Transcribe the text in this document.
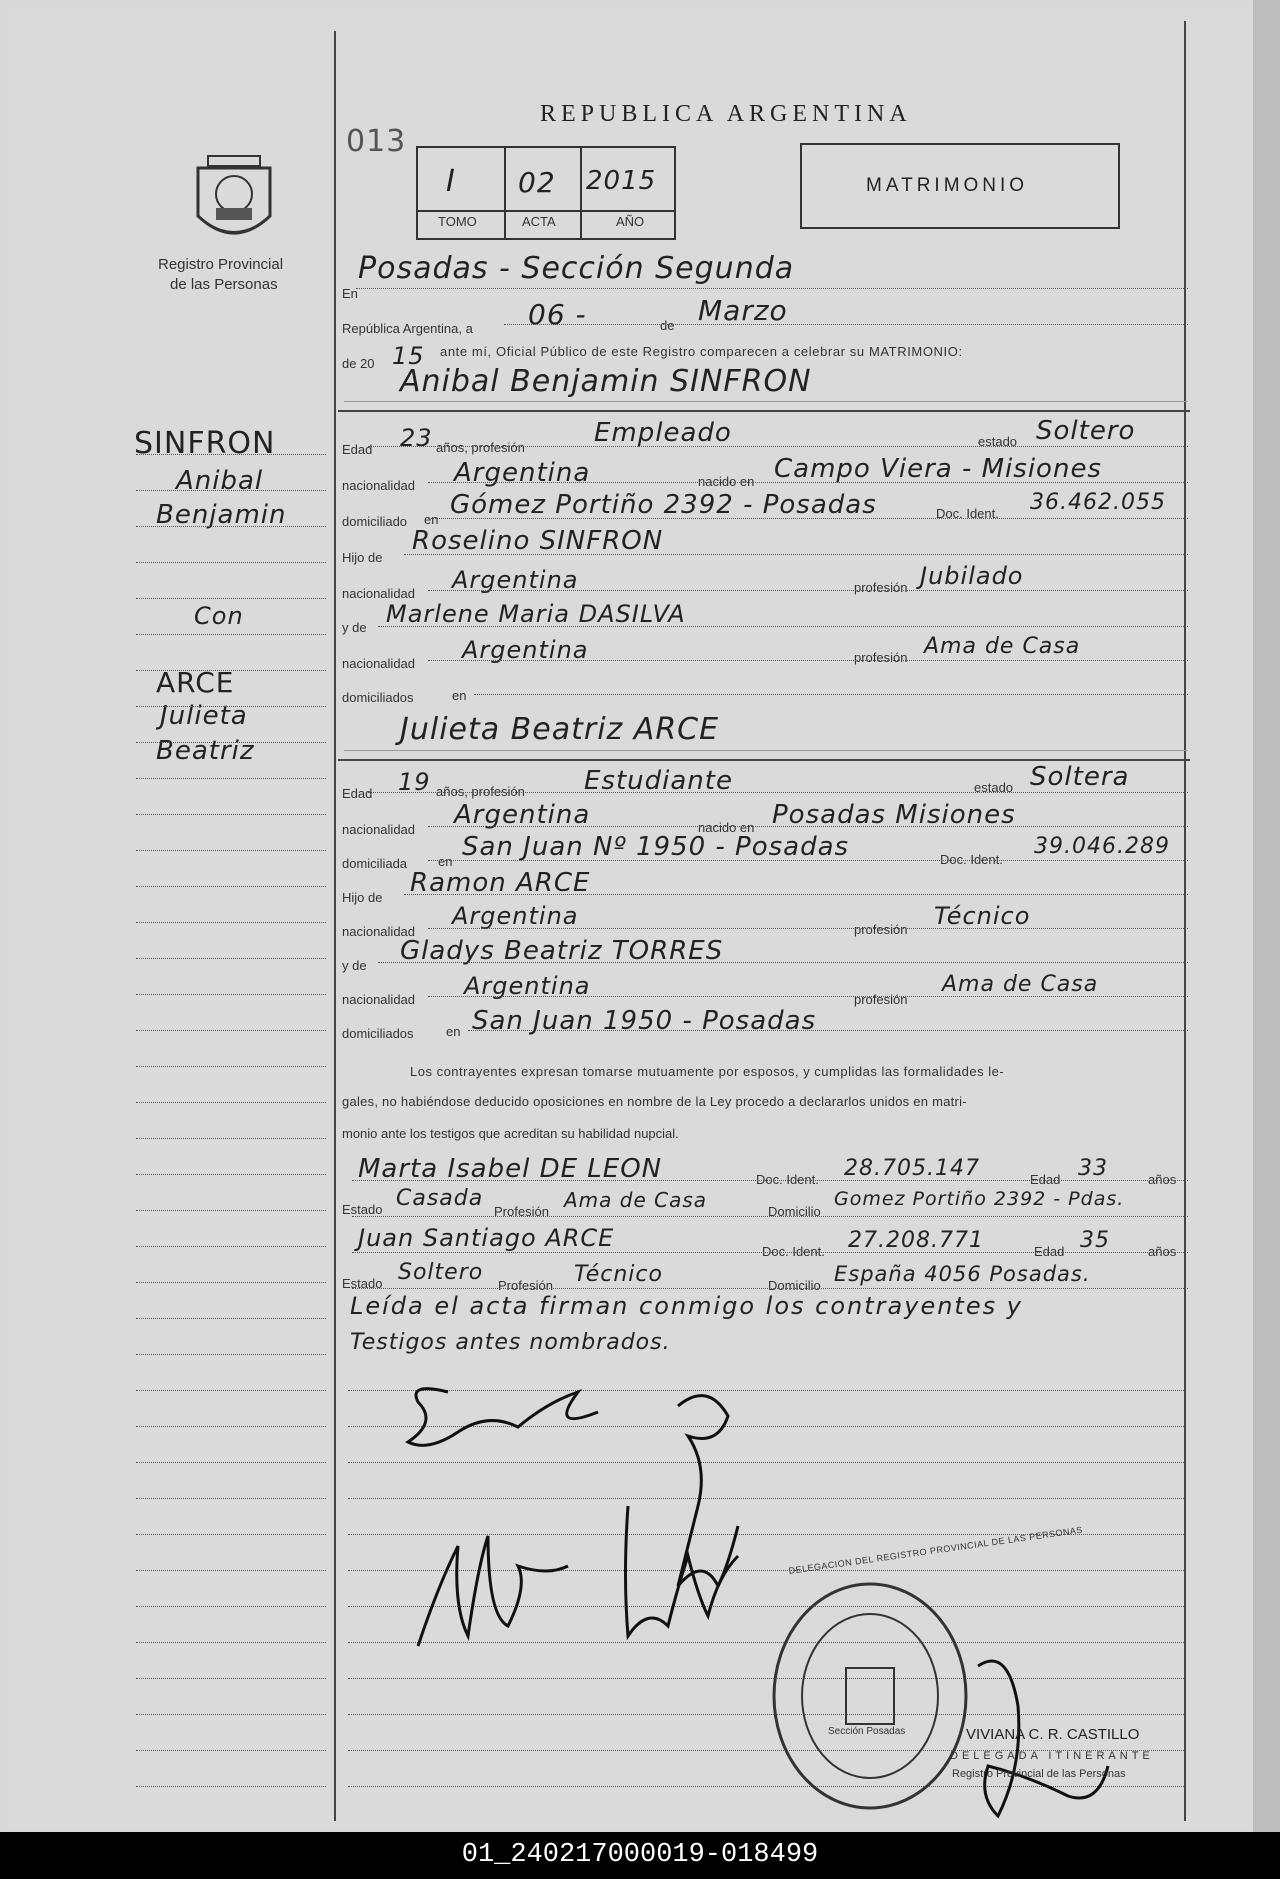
Registro Provincial
de las Personas
013
REPUBLICA ARGENTINA
I 02 2015
TOMO	ACTA	AÑO
MATRIMONIO
SINFRON
Anibal
Benjamin
Con
ARCE
Julieta
Beatriz
En
Posadas - Sección Segunda
República Argentina, a 06 -	de Marzo
de 20 15 ante mí, Oficial Público de este Registro comparecen a celebrar su MATRIMONIO:
Anibal Benjamin SINFRON
Edad 23 años, profesión	Empleado	estado Soltero
nacionalidad Argentina	nacido en Campo Viera - Misiones
domiciliado en Gómez Portiño 2392 - Posadas	Doc. Ident. 36.462.055
Hijo de
Roselino SINFRON
nacionalidad Argentina	profesión Jubilado
y de Marlene Maria DASILVA
nacionalidad Argentina	profesión Ama de Casa
domiciliados	en
Julieta Beatriz ARCE
Edad 19 años, profesión Estudiante	estado Soltera
nacionalidad Argentina	nacido en Posadas Misiones
domiciliada en San Juan Nº 1950 - Posadas	Doc. Ident.
39.046.289
Hijo de Ramon ARCE
nacionalidad
Argentina	profesión Técnico
y de Gladys Beatriz TORRES
nacionalidad Argentina	profesión
Ama de Casa
domiciliados en San Juan 1950 - Posadas
Los contrayentes expresan tomarse mutuamente por esposos, y cumplidas las formalidades le-
gales, no habiéndose deducido oposiciones en nombre de la Ley procedo a declararlos unidos en matri-
monio ante los testigos que acreditan su habilidad nupcial.
Marta Isabel DE LEON	Doc. Ident. 28.705.147	Edad 33	años
Estado Casada
Profesión Ama de Casa	Domicilio
Gomez Portiño 2392 - Pdas.
Juan Santiago ARCE	Doc. Ident. 27.208.771	Edad 35	años
Estado Soltero
Profesión Técnico	Domicilio España 4056 Posadas.
Leída el acta firman conmigo los contrayentes y
Testigos antes nombrados.
DELEGACION DEL REGISTRO PROVINCIAL DE LAS PERSONAS
Sección Posadas	VIVIANA C. R. CASTILLO
DELEGADA ITINERANTE
Registro Provincial de las Personas
01_240217000019-018499
